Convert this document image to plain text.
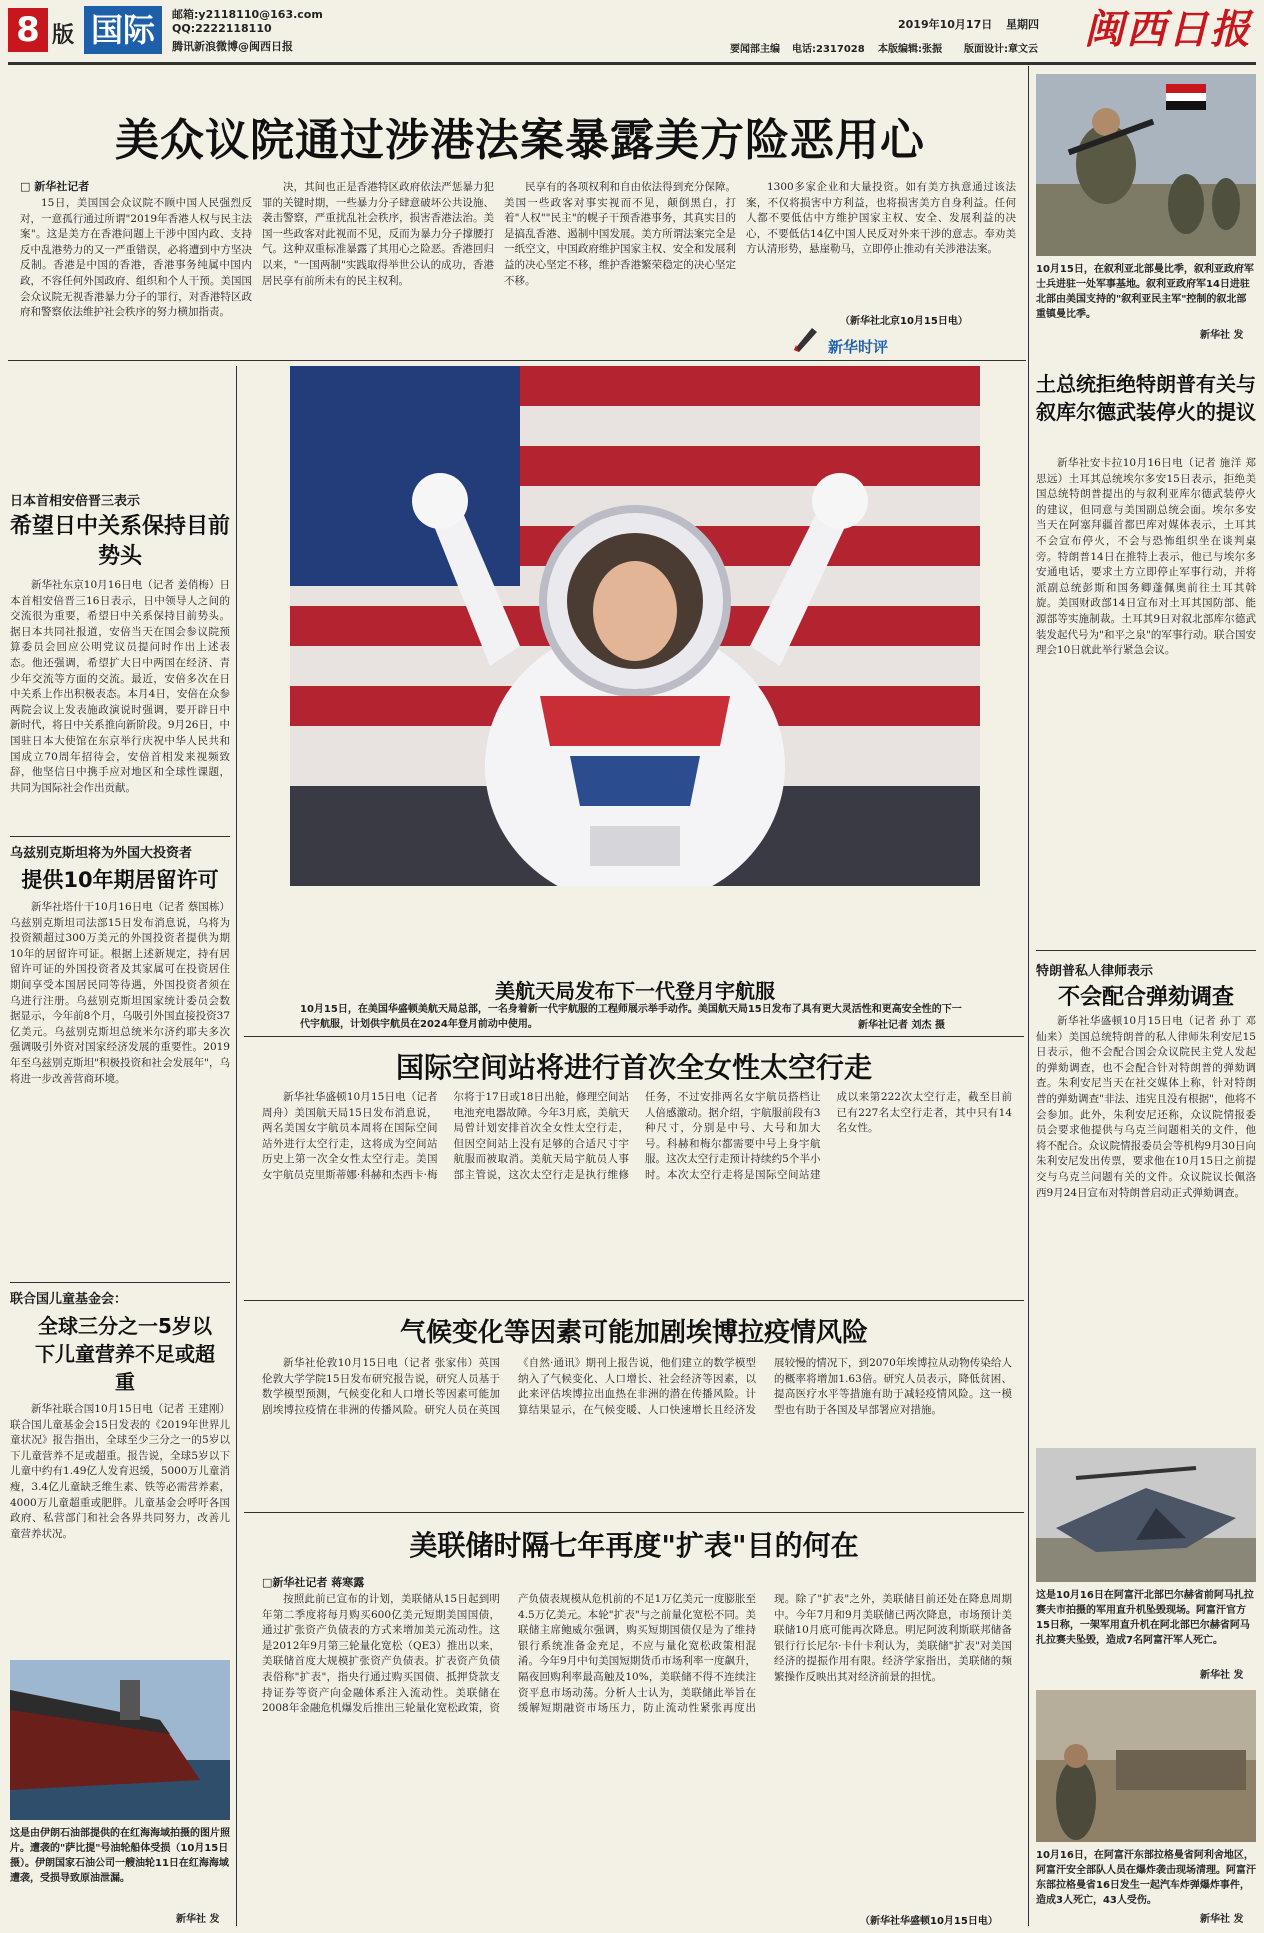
8 版 国际	邮箱:y2118110@163.com
QQ:2222118110
腾讯新浪微博@闽西日报
2019年10月17日 星期四
要闻部主编 电话:2317028 本版编辑:张振 版面设计:章文云 闽西日报
美众议院通过涉港法案暴露美方险恶用心
□ 新华社记者

15日，美国国会众议院不顾中国人民强烈反对，一意孤行通过所谓"2019年香港人权与民主法案"。这是美方在香港问题上干涉中国内政、支持反中乱港势力的又一严重错误，必将遭到中方坚决反制。香港是中国的香港，香港事务纯属中国内政，不容任何外国政府、组织和个人干预。美国国会众议院无视香港暴力分子的罪行，对香港特区政府和警察依法维护社会秩序的努力横加指责。

决，其间也正是香港特区政府依法严惩暴力犯罪的关键时期，一些暴力分子肆意破坏公共设施、袭击警察，严重扰乱社会秩序，损害香港法治。美国一些政客对此视而不见，反而为暴力分子撑腰打气。这种双重标准暴露了其用心之险恶。香港回归以来，"一国两制"实践取得举世公认的成功，香港居民享有前所未有的民主权利。

民享有的各项权利和自由依法得到充分保障。美国一些政客对事实视而不见，颠倒黑白，打着"人权""民主"的幌子干预香港事务，其真实目的是搞乱香港、遏制中国发展。美方所谓法案完全是一纸空文，中国政府维护国家主权、安全和发展利益的决心坚定不移，维护香港繁荣稳定的决心坚定不移。

1300多家企业和大量投资。如有美方执意通过该法案，不仅将损害中方利益，也将损害美方自身利益。任何人都不要低估中方维护国家主权、安全、发展利益的决心，不要低估14亿中国人民反对外来干涉的意志。奉劝美方认清形势，悬崖勒马，立即停止推动有关涉港法案。

（新华社北京10月15日电）
新华时评
10月15日，在叙利亚北部曼比季，叙利亚政府军士兵进驻一处军事基地。叙利亚政府军14日进驻北部由美国支持的"叙利亚民主军"控制的叙北部重镇曼比季。
新华社 发
土总统拒绝特朗普有关与叙库尔德武装停火的提议

新华社安卡拉10月16日电（记者 施洋 郑思远）土耳其总统埃尔多安15日表示，拒绝美国总统特朗普提出的与叙利亚库尔德武装停火的建议，但同意与美国副总统会面。埃尔多安当天在阿塞拜疆首都巴库对媒体表示，土耳其不会宣布停火，不会与恐怖组织坐在谈判桌旁。特朗普14日在推特上表示，他已与埃尔多安通电话，要求土方立即停止军事行动，并将派副总统彭斯和国务卿蓬佩奥前往土耳其斡旋。美国财政部14日宣布对土耳其国防部、能源部等实施制裁。土耳其9日对叙北部库尔德武装发起代号为"和平之泉"的军事行动。联合国安理会10日就此举行紧急会议。

特朗普私人律师表示
不会配合弹劾调查

新华社华盛顿10月15日电（记者 孙丁 邓仙来）美国总统特朗普的私人律师朱利安尼15日表示，他不会配合国会众议院民主党人发起的弹劾调查，也不会配合针对特朗普的弹劾调查。朱利安尼当天在社交媒体上称，针对特朗普的弹劾调查"非法、违宪且没有根据"，他将不会参加。此外，朱利安尼还称，众议院情报委员会要求他提供与乌克兰问题相关的文件，他将不配合。众议院情报委员会等机构9月30日向朱利安尼发出传票，要求他在10月15日之前提交与乌克兰问题有关的文件。众议院议长佩洛西9月24日宣布对特朗普启动正式弹劾调查。

这是10月16日在阿富汗北部巴尔赫省前阿马扎拉赛夫市拍摄的军用直升机坠毁现场。阿富汗官方15日称，一架军用直升机在阿北部巴尔赫省阿马扎拉赛夫坠毁，造成7名阿富汗军人死亡。
新华社 发
10月16日，在阿富汗东部拉格曼省阿利舍地区，阿富汗安全部队人员在爆炸袭击现场清理。阿富汗东部拉格曼省16日发生一起汽车炸弹爆炸事件，造成3人死亡，43人受伤。
新华社 发
日本首相安倍晋三表示
希望日中关系保持目前势头

新华社东京10月16日电（记者 姜俏梅）日本首相安倍晋三16日表示，日中领导人之间的交流很为重要，希望日中关系保持目前势头。据日本共同社报道，安倍当天在国会参议院预算委员会回应公明党议员提问时作出上述表态。他还强调，希望扩大日中两国在经济、青少年交流等方面的交流。最近，安倍多次在日中关系上作出积极表态。本月4日，安倍在众参两院会议上发表施政演说时强调，要开辟日中新时代，将日中关系推向新阶段。9月26日，中国驻日本大使馆在东京举行庆祝中华人民共和国成立70周年招待会，安倍首相发来视频致辞，他坚信日中携手应对地区和全球性课题，共同为国际社会作出贡献。

乌兹别克斯坦将为外国大投资者
提供10年期居留许可

新华社塔什干10月16日电（记者 蔡国栋）乌兹别克斯坦司法部15日发布消息说，乌将为投资额超过300万美元的外国投资者提供为期10年的居留许可证。根据上述新规定，持有居留许可证的外国投资者及其家属可在投资居住期间享受本国居民同等待遇，外国投资者须在乌进行注册。乌兹别克斯坦国家统计委员会数据显示，今年前8个月，乌吸引外国直接投资37亿美元。乌兹别克斯坦总统米尔济约耶夫多次强调吸引外资对国家经济发展的重要性。2019年至乌兹别克斯坦"积极投资和社会发展年"，乌将进一步改善营商环境。

联合国儿童基金会：
全球三分之一5岁以下儿童营养不足或超重

新华社联合国10月15日电（记者 王建刚）联合国儿童基金会15日发表的《2019年世界儿童状况》报告指出，全球至少三分之一的5岁以下儿童营养不足或超重。报告说，全球5岁以下儿童中约有1.49亿人发育迟缓，5000万儿童消瘦，3.4亿儿童缺乏维生素、铁等必需营养素，4000万儿童超重或肥胖。儿童基金会呼吁各国政府、私营部门和社会各界共同努力，改善儿童营养状况。

这是由伊朗石油部提供的在红海海域拍摄的图片照片。遭袭的"萨比提"号油轮船体受损（10月15日摄）。伊朗国家石油公司一艘油轮11日在红海海域遭袭，受损导致原油泄漏。
新华社 发
美航天局发布下一代登月宇航服
10月15日，在美国华盛顿美航天局总部，一名身着新一代宇航服的工程师展示举手动作。美国航天局15日发布了具有更大灵活性和更高安全性的下一代宇航服，计划供宇航员在2024年登月前动中使用。	新华社记者 刘杰 摄
国际空间站将进行首次全女性太空行走

新华社华盛顿10月15日电（记者 周舟）美国航天局15日发布消息说，两名美国女宇航员本周将在国际空间站外进行太空行走，这将成为空间站历史上第一次全女性太空行走。美国女宇航员克里斯蒂娜·科赫和杰西卡·梅尔将于17日或18日出舱，修理空间站电池充电器故障。今年3月底，美航天局曾计划安排首次全女性太空行走，但因空间站上没有足够的合适尺寸宇航服而被取消。美航天局宇航员人事部主管说，这次太空行走是执行维修任务，不过安排两名女宇航员搭档让人倍感激动。据介绍，宇航服前段有3种尺寸，分别是中号、大号和加大号。科赫和梅尔都需要中号上身宇航服。这次太空行走预计持续约5个半小时。本次太空行走将是国际空间站建成以来第222次太空行走，截至目前已有227名太空行走者，其中只有14名女性。

气候变化等因素可能加剧埃博拉疫情风险

新华社伦敦10月15日电（记者 张家伟）英国伦敦大学学院15日发布研究报告说，研究人员基于数学模型预测，气候变化和人口增长等因素可能加剧埃博拉疫情在非洲的传播风险。研究人员在英国《自然·通讯》期刊上报告说，他们建立的数学模型纳入了气候变化、人口增长、社会经济等因素，以此来评估埃博拉出血热在非洲的潜在传播风险。计算结果显示，在气候变暖、人口快速增长且经济发展较慢的情况下，到2070年埃博拉从动物传染给人的概率将增加1.63倍。研究人员表示，降低贫困、提高医疗水平等措施有助于减轻疫情风险。这一模型也有助于各国及早部署应对措施。

美联储时隔七年再度"扩表"目的何在
□新华社记者 蒋寒露

按照此前已宣布的计划，美联储从15日起到明年第二季度将每月购买600亿美元短期美国国债，通过扩张资产负债表的方式来增加美元流动性。这是2012年9月第三轮量化宽松（QE3）推出以来，美联储首度大规模扩张资产负债表。扩表资产负债表俗称"扩表"，指央行通过购买国债、抵押贷款支持证券等资产向金融体系注入流动性。美联储在2008年金融危机爆发后推出三轮量化宽松政策，资产负债表规模从危机前的不足1万亿美元一度膨胀至4.5万亿美元。本轮"扩表"与之前量化宽松不同。美联储主席鲍威尔强调，购买短期国债仅是为了维持银行系统准备金充足，不应与量化宽松政策相混淆。今年9月中旬美国短期货币市场利率一度飙升，隔夜回购利率最高触及10%，美联储不得不连续注资平息市场动荡。分析人士认为，美联储此举旨在缓解短期融资市场压力，防止流动性紧张再度出现。除了"扩表"之外，美联储目前还处在降息周期中。今年7月和9月美联储已两次降息，市场预计美联储10月底可能再次降息。明尼阿波利斯联邦储备银行行长尼尔·卡什卡利认为，美联储"扩表"对美国经济的提振作用有限。经济学家指出，美联储的频繁操作反映出其对经济前景的担忧。

（新华社华盛顿10月15日电）
